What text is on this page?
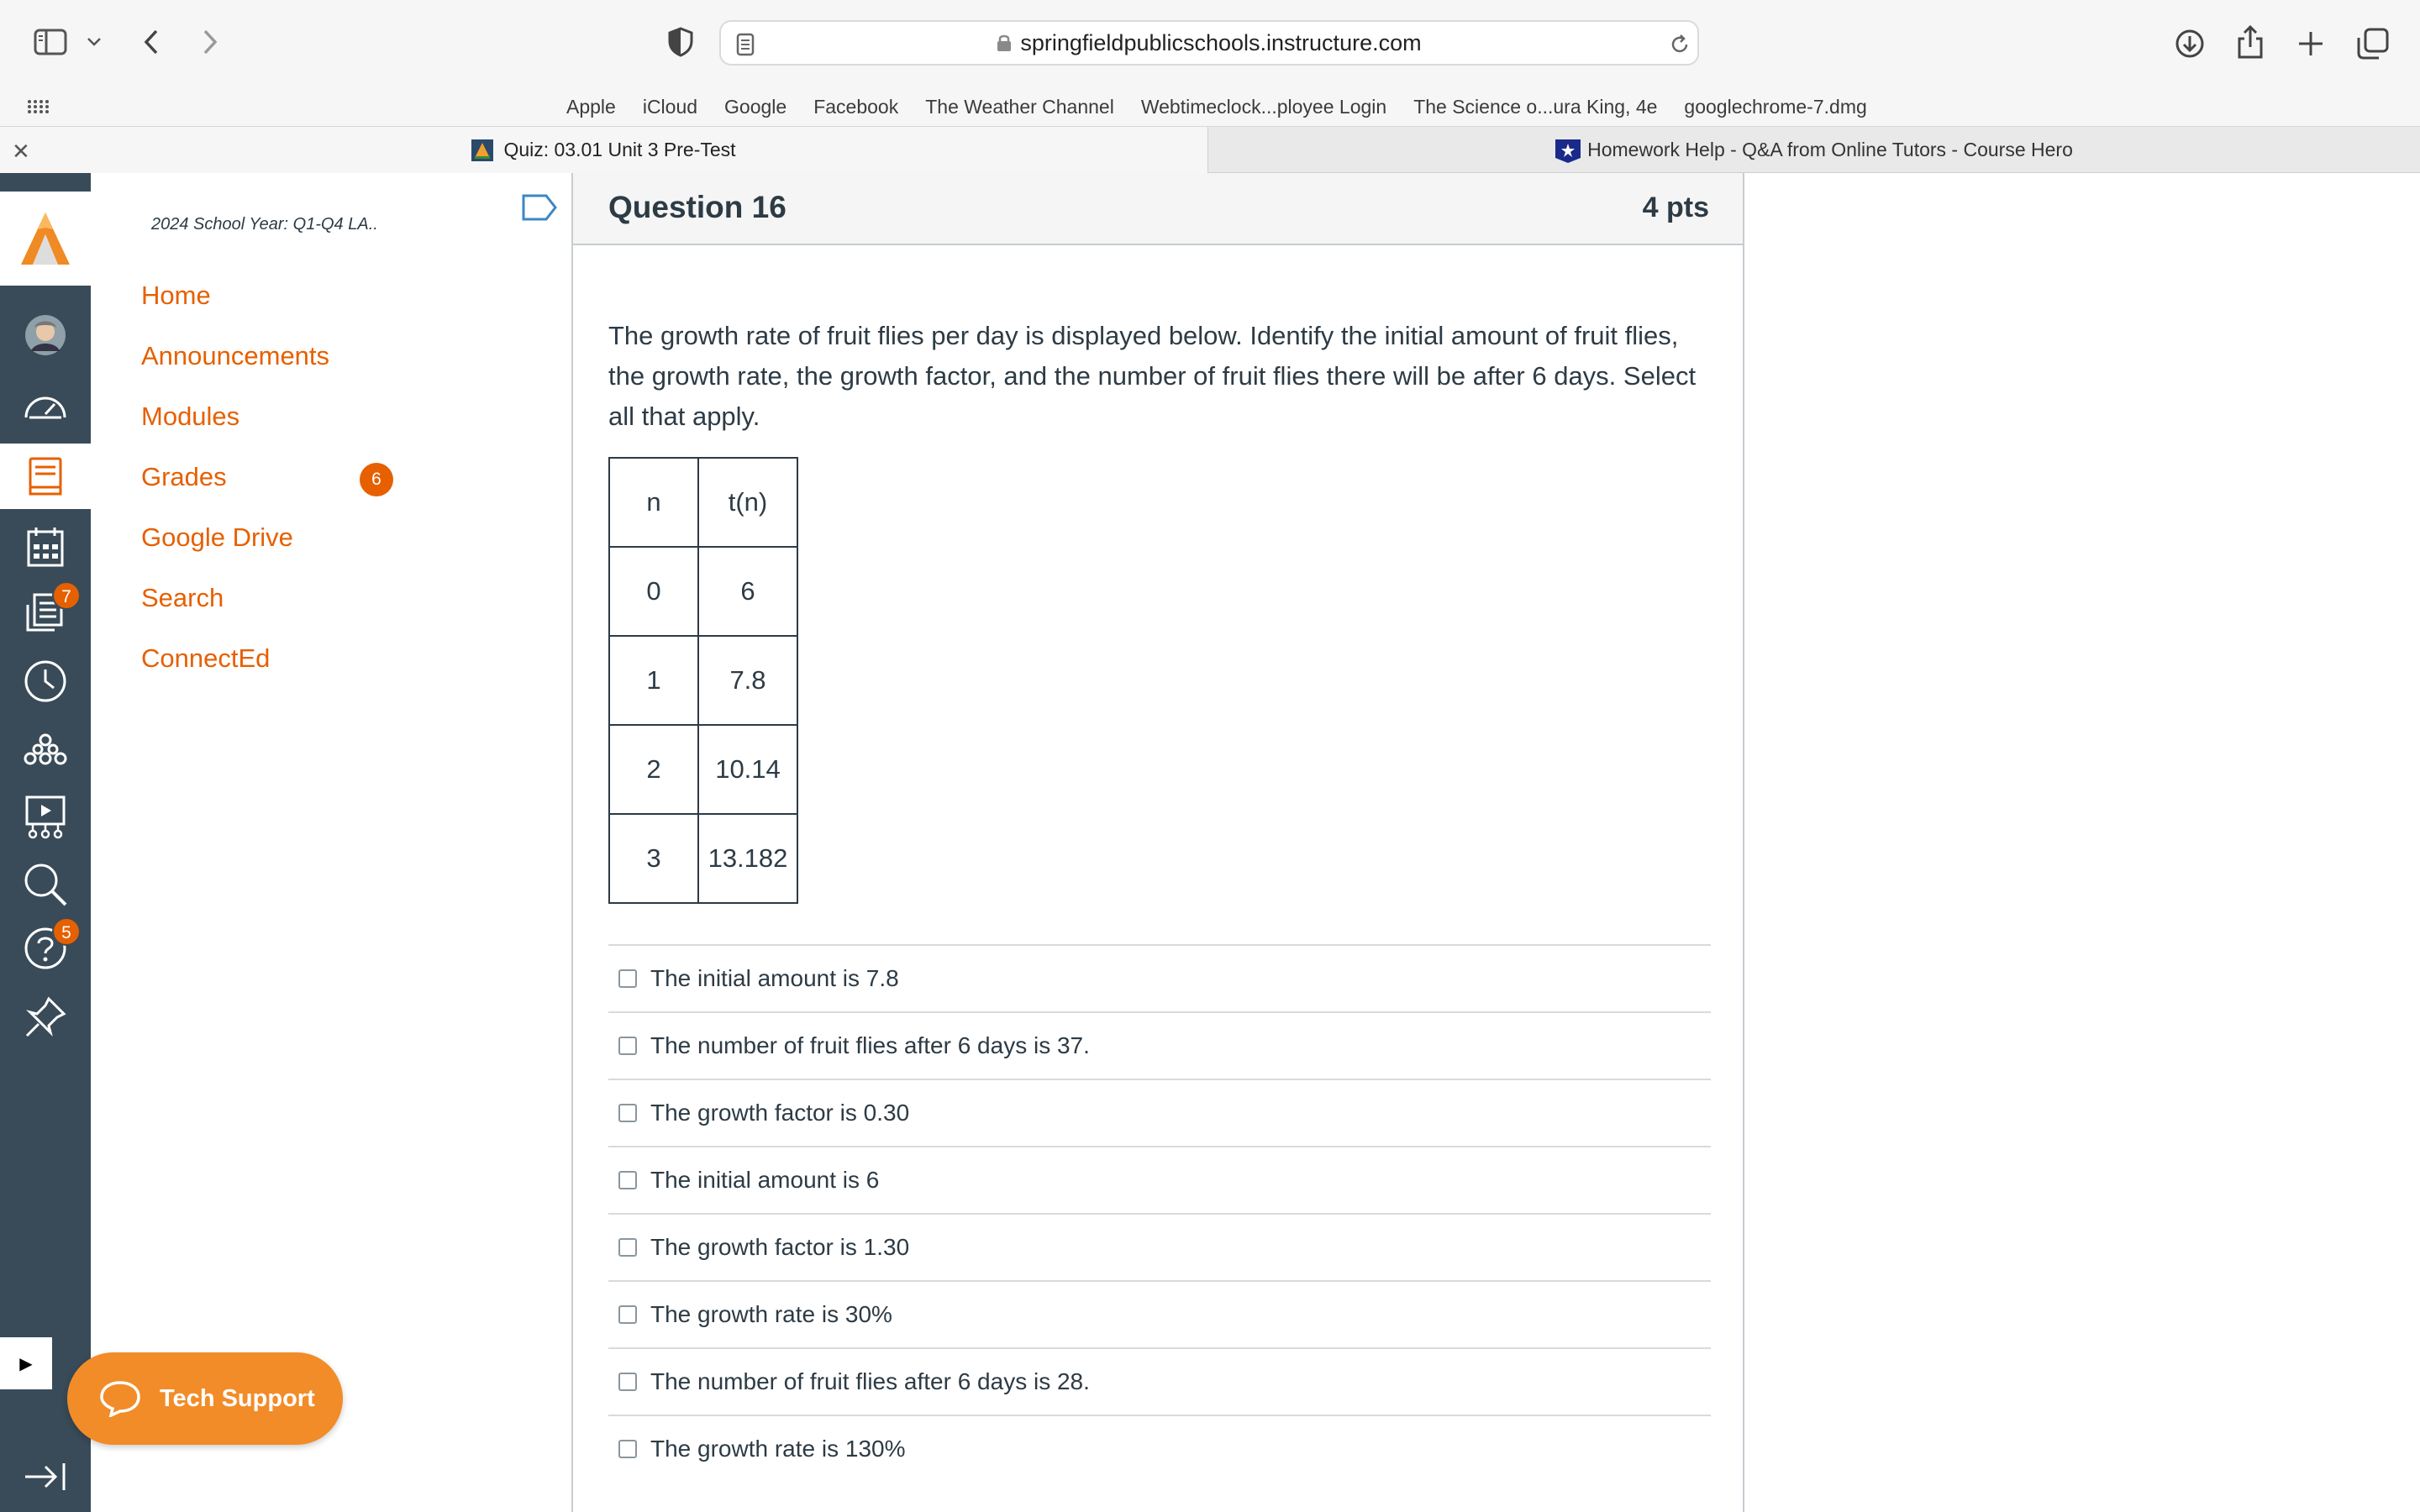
springfieldpublicschools.instructure.com
Apple	iCloud	Google	Facebook	The Weather Channel	Webtimeclock...ployee Login	The Science o...ura King, 4e	googlechrome-7.dmg
✕	Quiz: 03.01 Unit 3 Pre-Test	Homework Help - Q&A from Online Tutors - Course Hero
7
5
▶
2024 School Year: Q1-Q4 LA..
Home
Announcements
Modules
Grades	6
Google Drive
Search
ConnectEd
Tech Support
Question 16	4 pts
The growth rate of fruit flies per day is displayed below. Identify the initial amount of fruit flies, the growth rate, the growth factor, and the number of fruit flies there will be after 6 days. Select all that apply.
n	t(n)
0	6
1	7.8
2	10.14
3	13.182
The initial amount is 7.8
The number of fruit flies after 6 days is 37.
The growth factor is 0.30
The initial amount is 6
The growth factor is 1.30
The growth rate is 30%
The number of fruit flies after 6 days is 28.
The growth rate is 130%
